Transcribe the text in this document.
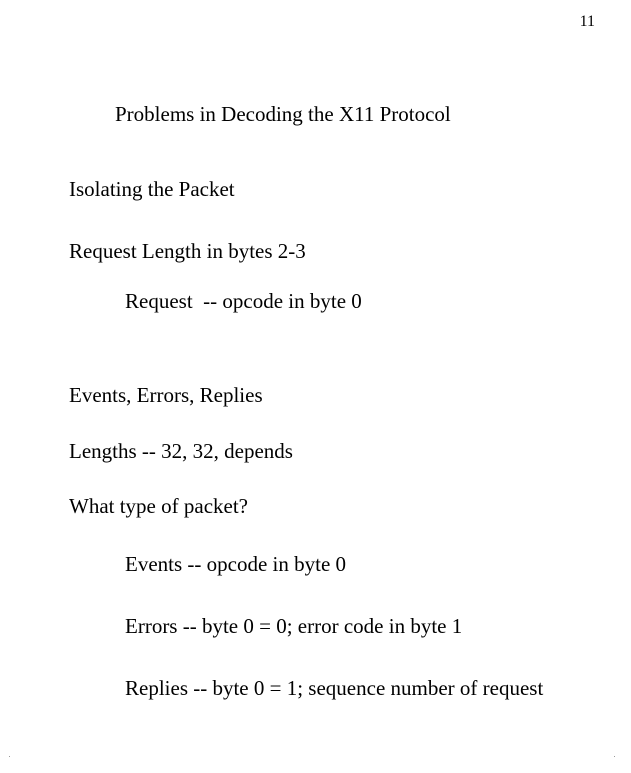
11
Problems in Decoding the X11 Protocol
Isolating the Packet
Request Length in bytes 2-3
Request  -- opcode in byte 0
Events, Errors, Replies
Lengths -- 32, 32, depends
What type of packet?
Events -- opcode in byte 0
Errors -- byte 0 = 0; error code in byte 1
Replies -- byte 0 = 1; sequence number of request
